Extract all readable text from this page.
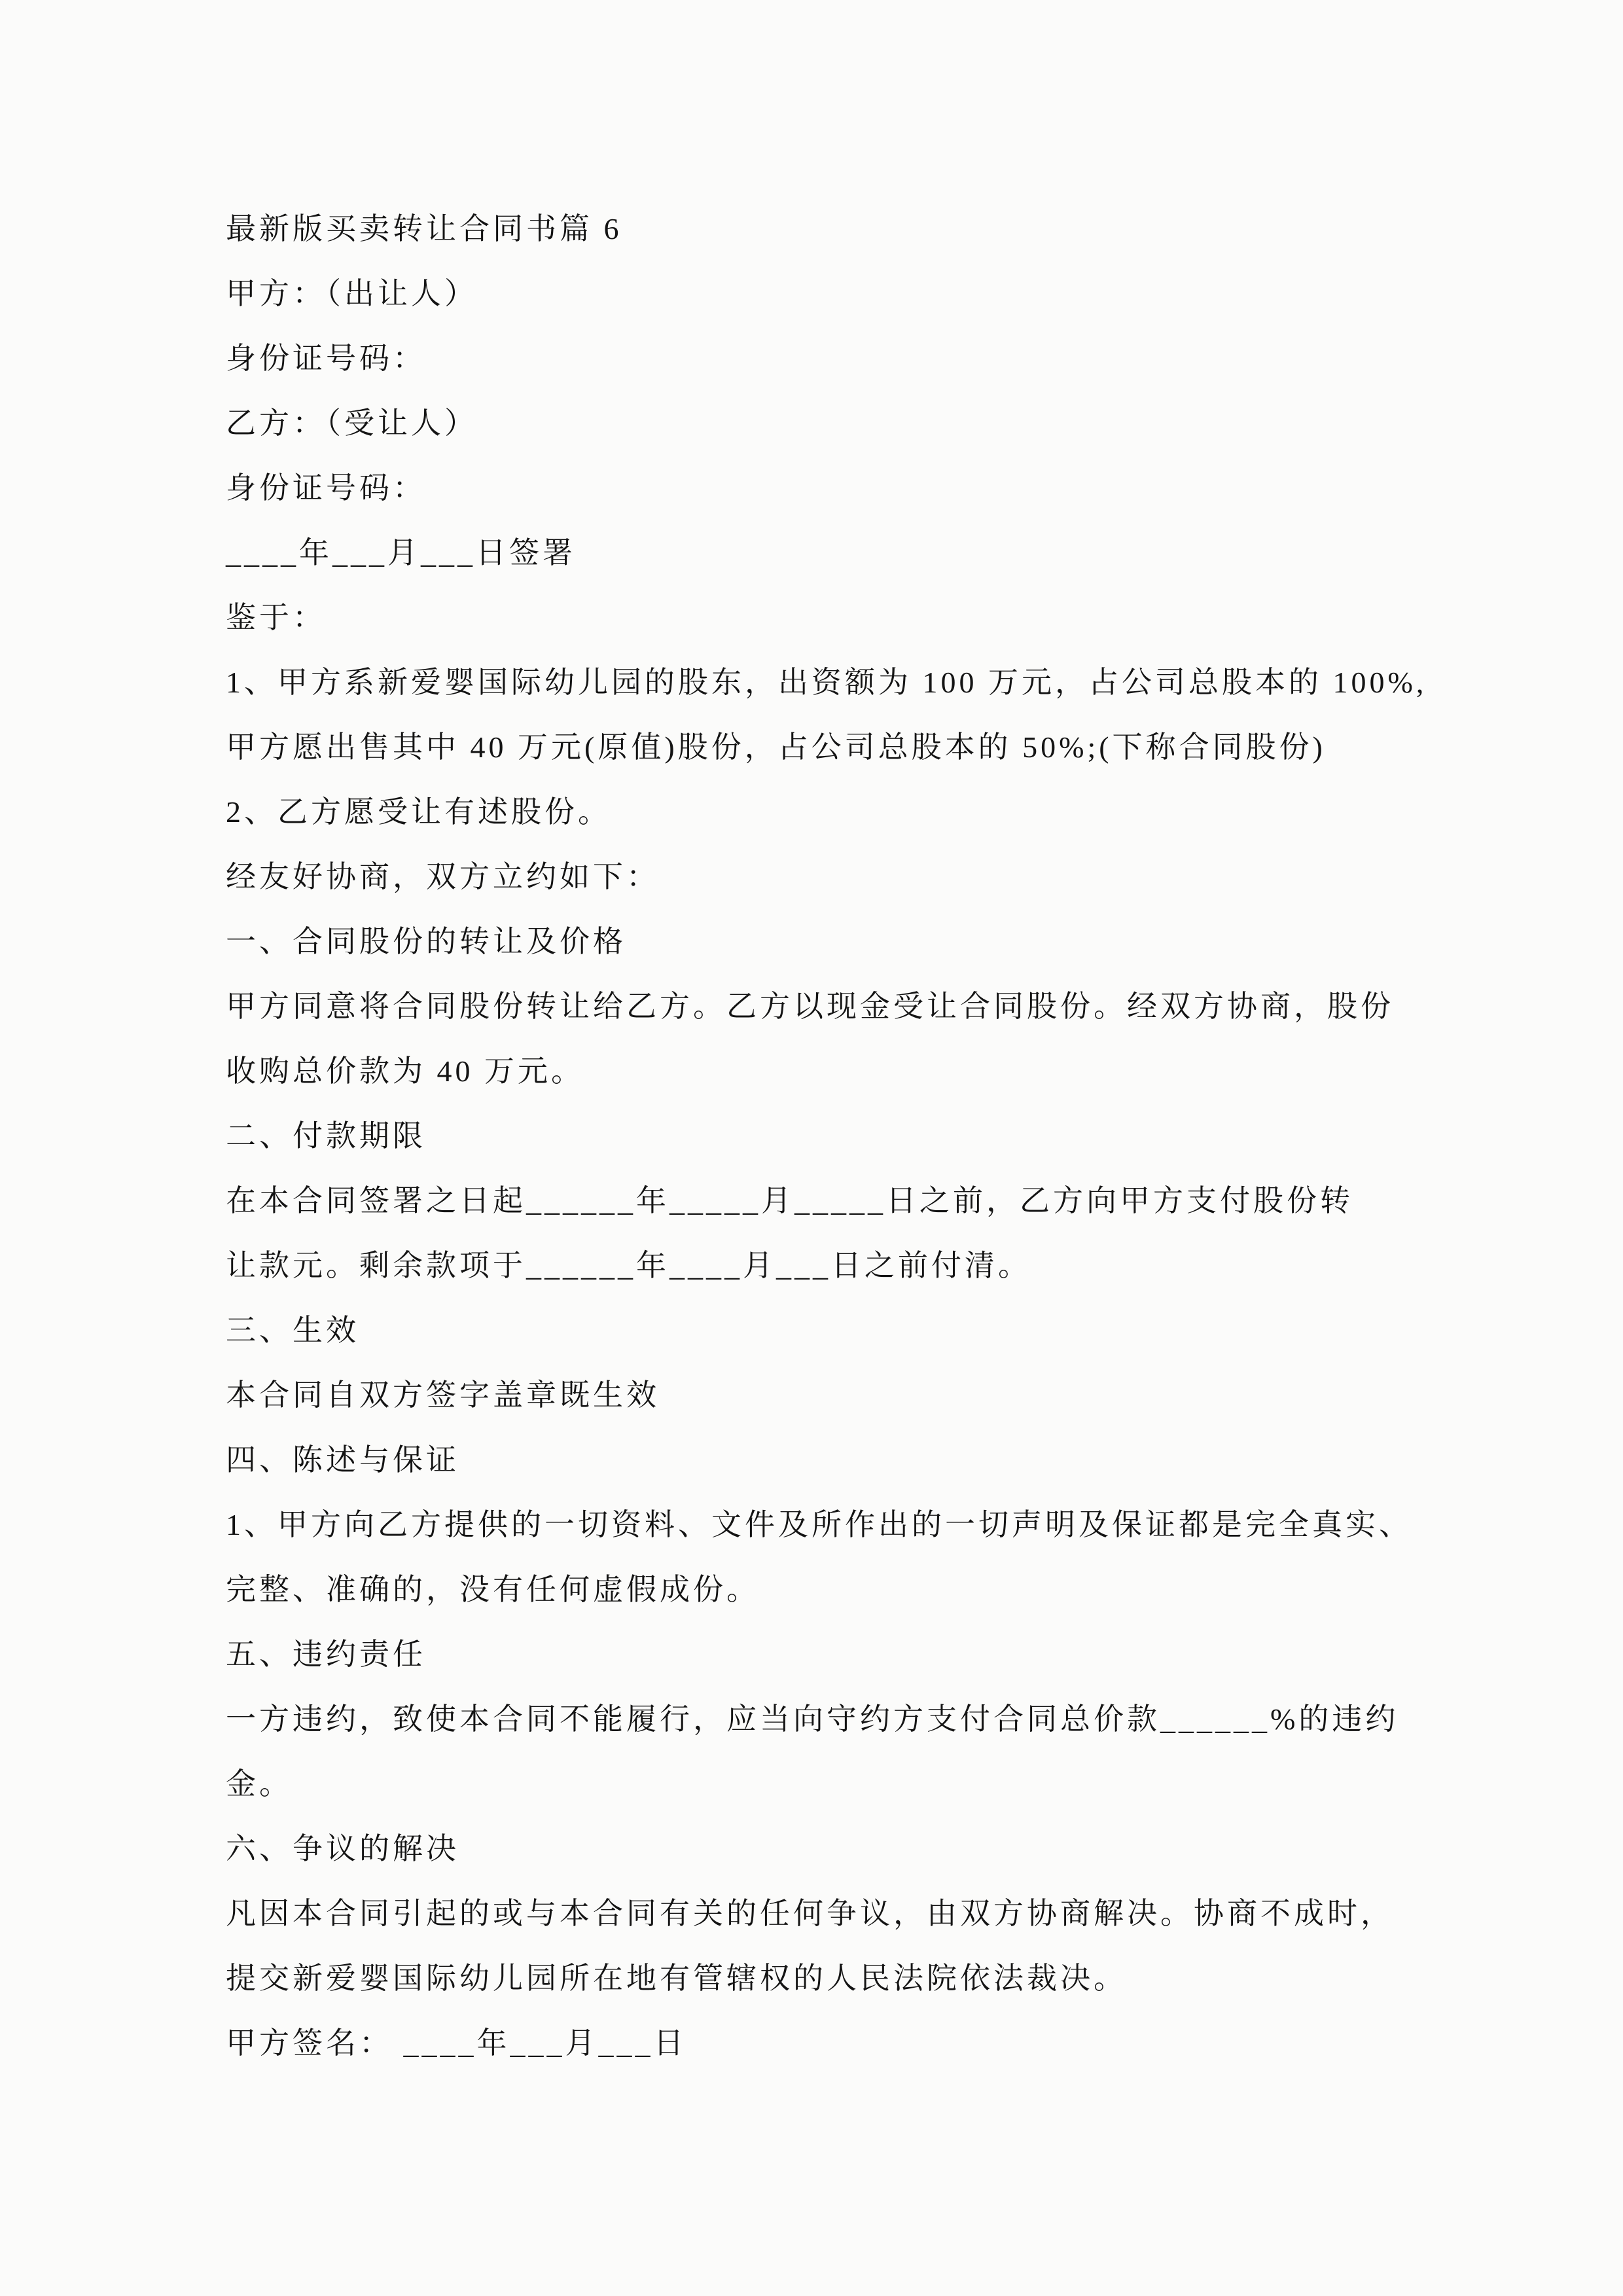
最新版买卖转让合同书篇 6
甲方：（出让人）
身份证号码：
乙方：（受让人）
身份证号码：
____年___月___日签署
鉴于：
1、甲方系新爱婴国际幼儿园的股东，出资额为 100 万元，占公司总股本的 100%,
甲方愿出售其中 40 万元(原值)股份，占公司总股本的 50%;(下称合同股份)
2、乙方愿受让有述股份。
经友好协商，双方立约如下：
一、合同股份的转让及价格
甲方同意将合同股份转让给乙方。乙方以现金受让合同股份。经双方协商，股份
收购总价款为 40 万元。
二、付款期限
在本合同签署之日起______年_____月_____日之前，乙方向甲方支付股份转
让款元。剩余款项于______年____月___日之前付清。
三、生效
本合同自双方签字盖章既生效
四、陈述与保证
1、甲方向乙方提供的一切资料、文件及所作出的一切声明及保证都是完全真实、
完整、准确的，没有任何虚假成份。
五、违约责任
一方违约，致使本合同不能履行，应当向守约方支付合同总价款______%的违约
金。
六、争议的解决
凡因本合同引起的或与本合同有关的任何争议，由双方协商解决。协商不成时，
提交新爱婴国际幼儿园所在地有管辖权的人民法院依法裁决。
甲方签名： ____年___月___日
